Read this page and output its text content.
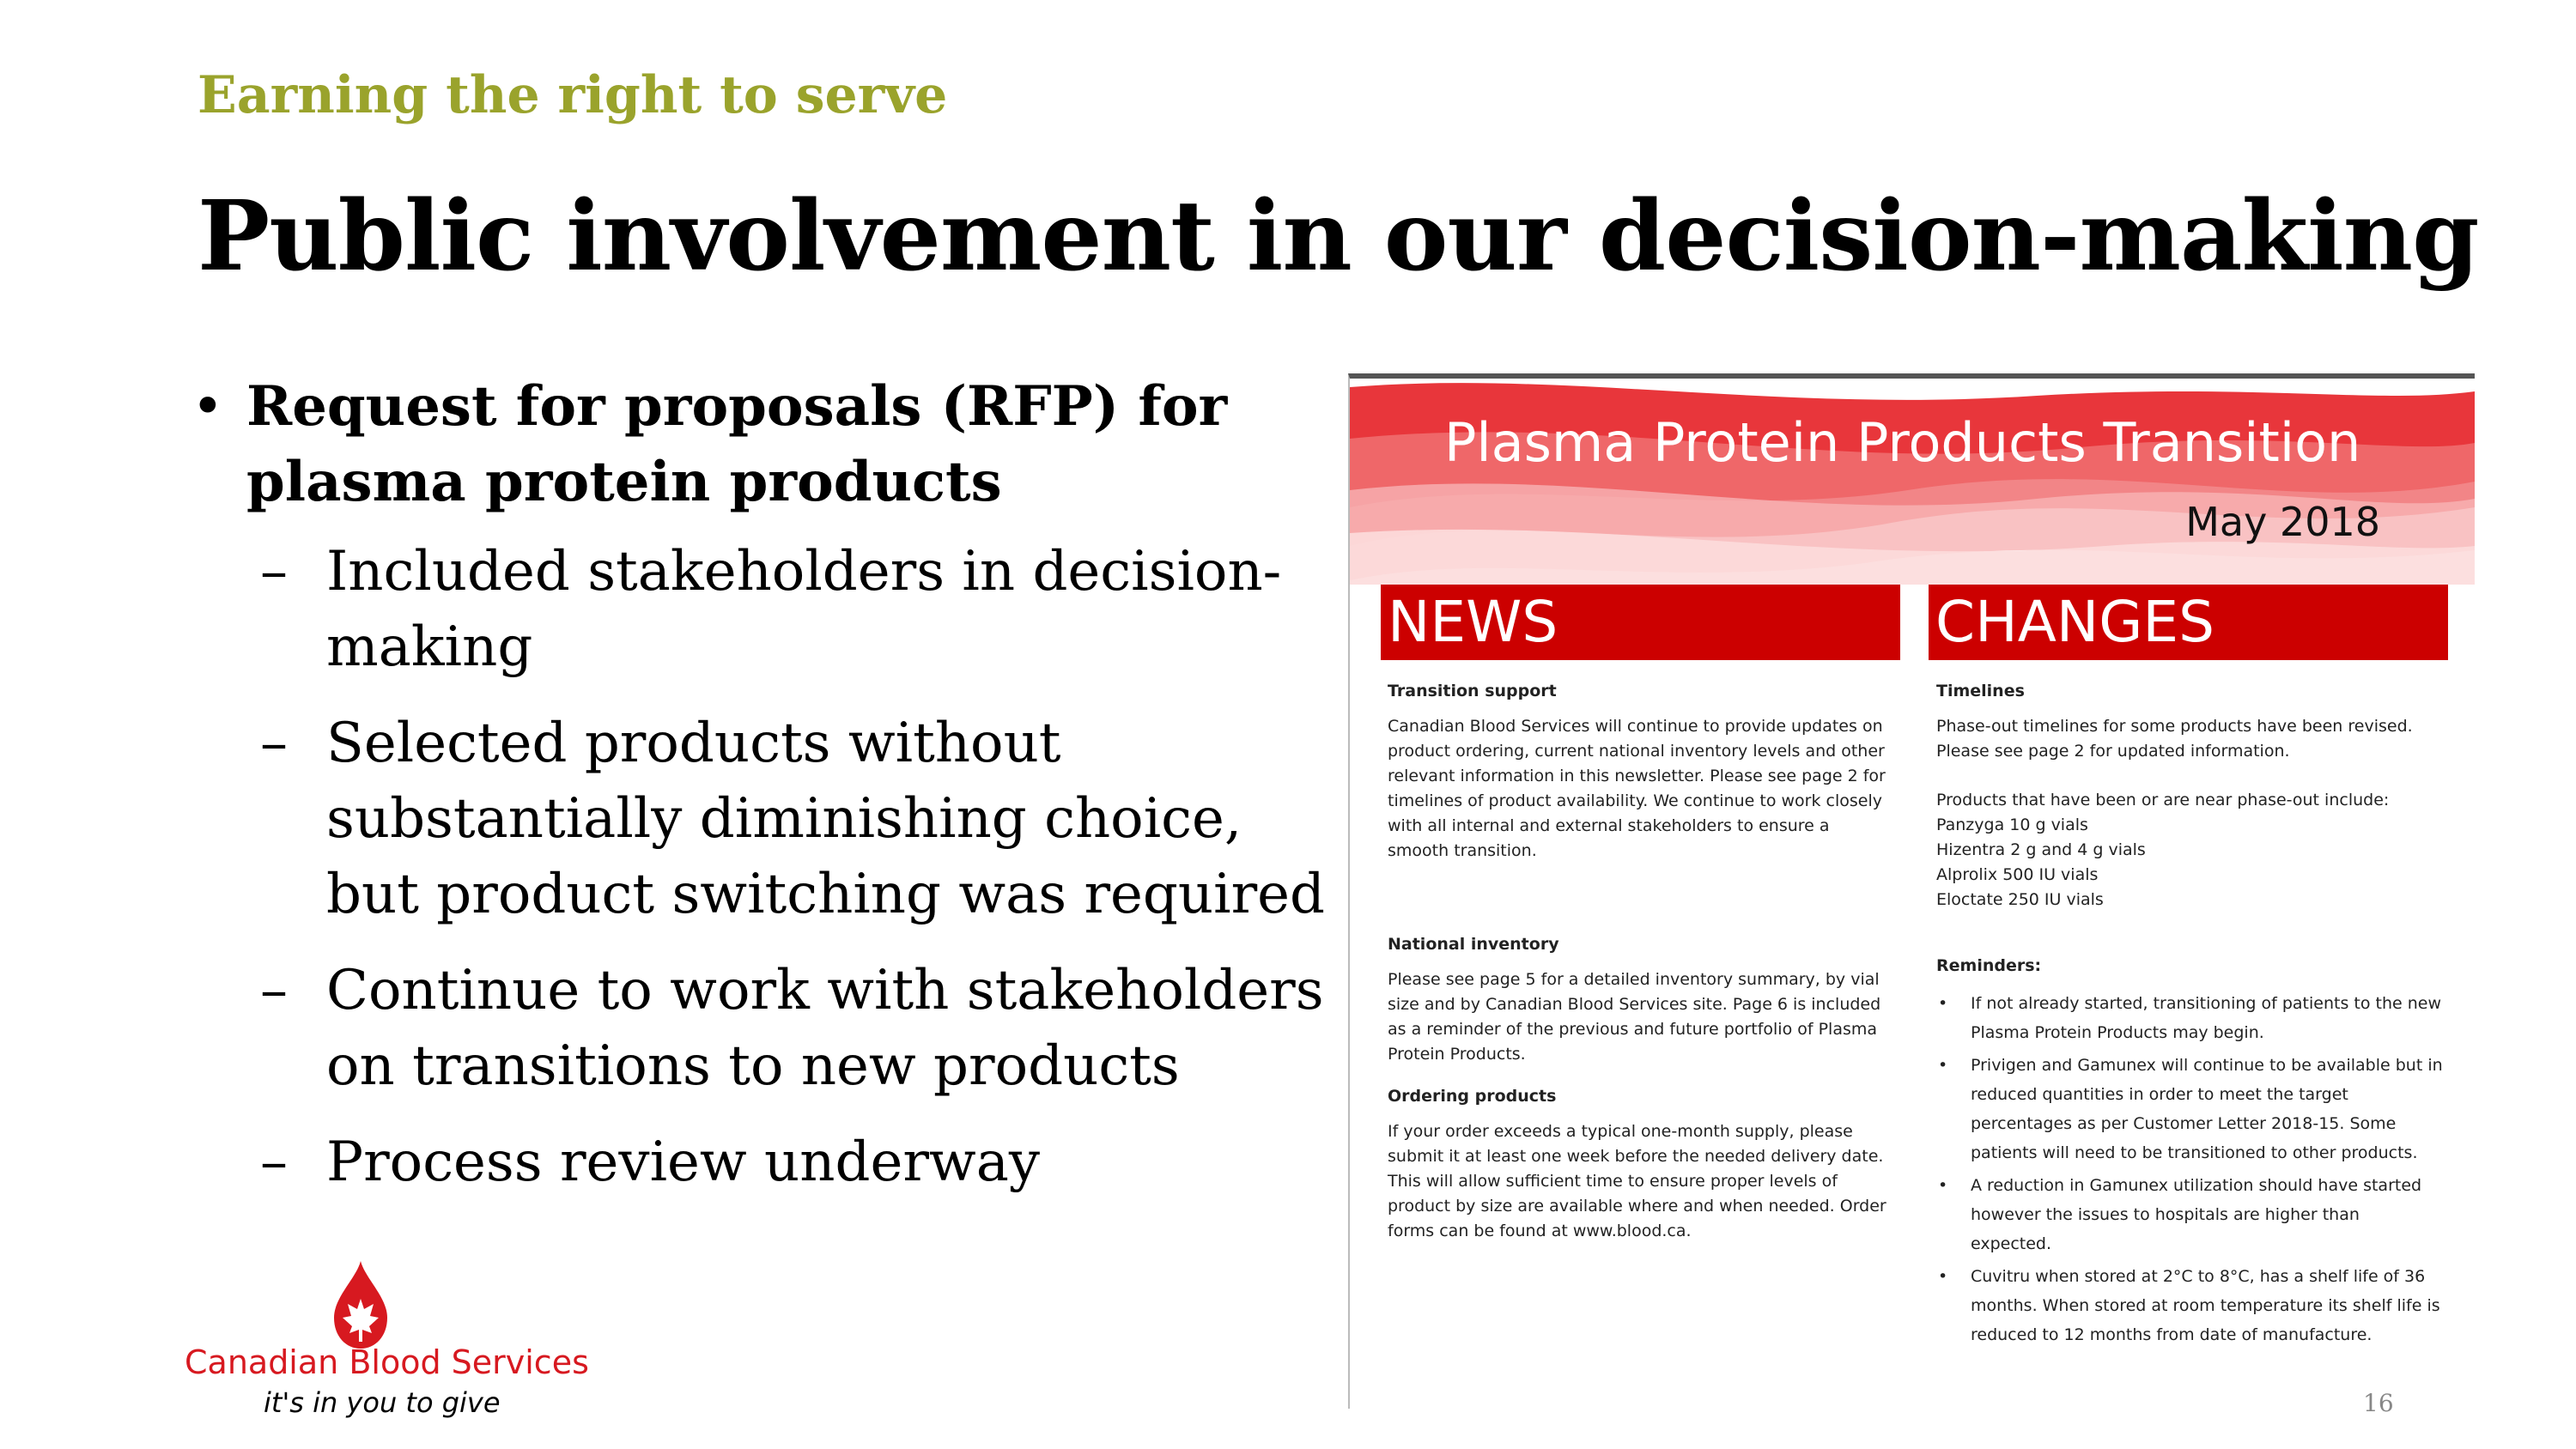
Earning the right to serve
Public involvement in our decision-making
• Request for proposals (RFP) for plasma protein products
– Included stakeholders in decision-making
– Selected products without substantially diminishing choice, but product switching was required
– Continue to work with stakeholders on transitions to new products
– Process review underway
Canadian Blood Services
it's in you to give
Plasma Protein Products Transition
May 2018
NEWS	CHANGES
Transition support

Canadian Blood Services will continue to provide updates on product ordering, current national inventory levels and other relevant information in this newsletter. Please see page 2 for timelines of product availability. We continue to work closely with all internal and external stakeholders to ensure a smooth transition.

National inventory

Please see page 5 for a detailed inventory summary, by vial size and by Canadian Blood Services site. Page 6 is included as a reminder of the previous and future portfolio of Plasma Protein Products.

Ordering products

If your order exceeds a typical one-month supply, please submit it at least one week before the needed delivery date. This will allow sufficient time to ensure proper levels of product by size are available where and when needed. Order forms can be found at www.blood.ca.

Timelines

Phase-out timelines for some products have been revised. Please see page 2 for updated information.

Products that have been or are near phase-out include:

Panzyga 10 g vials

Hizentra 2 g and 4 g vials

Alprolix 500 IU vials

Eloctate 250 IU vials

Reminders:
• If not already started, transitioning of patients to the new Plasma Protein Products may begin.
• Privigen and Gamunex will continue to be available but in reduced quantities in order to meet the target percentages as per Customer Letter 2018-15. Some patients will need to be transitioned to other products.
• A reduction in Gamunex utilization should have started however the issues to hospitals are higher than expected.
• Cuvitru when stored at 2°C to 8°C, has a shelf life of 36 months. When stored at room temperature its shelf life is reduced to 12 months from date of manufacture.
16
